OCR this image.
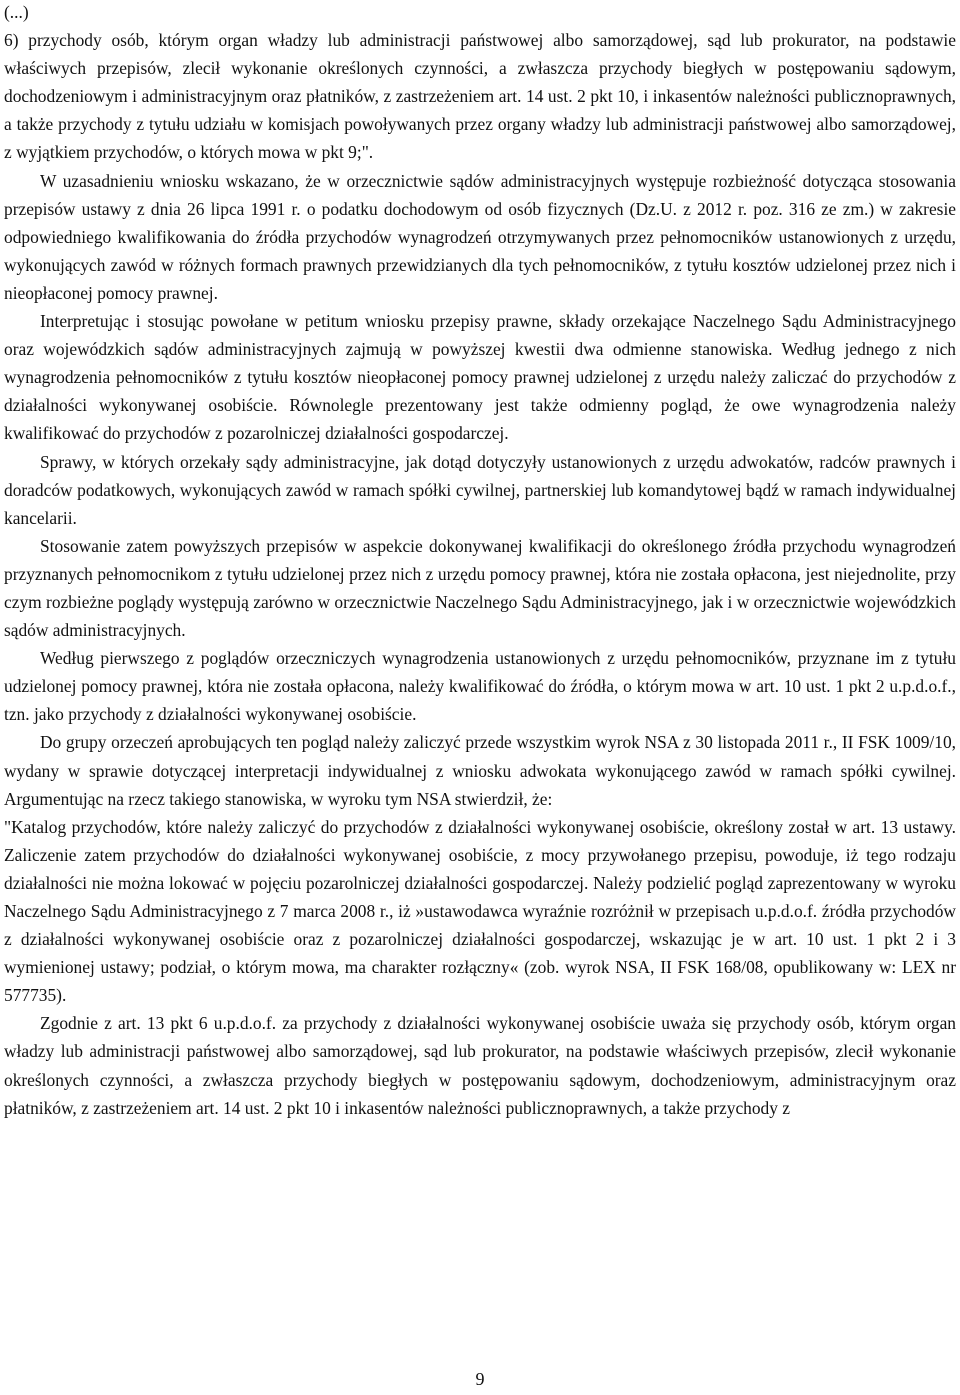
(...)

6) przychody osób, którym organ władzy lub administracji państwowej albo samorządowej, sąd lub prokurator, na podstawie właściwych przepisów, zlecił wykonanie określonych czynności, a zwłaszcza przychody biegłych w postępowaniu sądowym, dochodzeniowym i administracyjnym oraz płatników, z zastrzeżeniem art. 14 ust. 2 pkt 10, i inkasentów należności publicznoprawnych, a także przychody z tytułu udziału w komisjach powoływanych przez organy władzy lub administracji państwowej albo samorządowej, z wyjątkiem przychodów, o których mowa w pkt 9;".

W uzasadnieniu wniosku wskazano, że w orzecznictwie sądów administracyjnych występuje rozbieżność dotycząca stosowania przepisów ustawy z dnia 26 lipca 1991 r. o podatku dochodowym od osób fizycznych (Dz.U. z 2012 r. poz. 316 ze zm.) w zakresie odpowiedniego kwalifikowania do źródła przychodów wynagrodzeń otrzymywanych przez pełnomocników ustanowionych z urzędu, wykonujących zawód w różnych formach prawnych przewidzianych dla tych pełnomocników, z tytułu kosztów udzielonej przez nich i nieopłaconej pomocy prawnej.

Interpretując i stosując powołane w petitum wniosku przepisy prawne, składy orzekające Naczelnego Sądu Administracyjnego oraz wojewódzkich sądów administracyjnych zajmują w powyższej kwestii dwa odmienne stanowiska. Według jednego z nich wynagrodzenia pełnomocników z tytułu kosztów nieopłaconej pomocy prawnej udzielonej z urzędu należy zaliczać do przychodów z działalności wykonywanej osobiście. Równolegle prezentowany jest także odmienny pogląd, że owe wynagrodzenia należy kwalifikować do przychodów z pozarolniczej działalności gospodarczej.

Sprawy, w których orzekały sądy administracyjne, jak dotąd dotyczyły ustanowionych z urzędu adwokatów, radców prawnych i doradców podatkowych, wykonujących zawód w ramach spółki cywilnej, partnerskiej lub komandytowej bądź w ramach indywidualnej kancelarii.

Stosowanie zatem powyższych przepisów w aspekcie dokonywanej kwalifikacji do określonego źródła przychodu wynagrodzeń przyznanych pełnomocnikom z tytułu udzielonej przez nich z urzędu pomocy prawnej, która nie została opłacona, jest niejednolite, przy czym rozbieżne poglądy występują zarówno w orzecznictwie Naczelnego Sądu Administracyjnego, jak i w orzecznictwie wojewódzkich sądów administracyjnych.

Według pierwszego z poglądów orzeczniczych wynagrodzenia ustanowionych z urzędu pełnomocników, przyznane im z tytułu udzielonej pomocy prawnej, która nie została opłacona, należy kwalifikować do źródła, o którym mowa w art. 10 ust. 1 pkt 2 u.p.d.o.f., tzn. jako przychody z działalności wykonywanej osobiście.

Do grupy orzeczeń aprobujących ten pogląd należy zaliczyć przede wszystkim wyrok NSA z 30 listopada 2011 r., II FSK 1009/10, wydany w sprawie dotyczącej interpretacji indywidualnej z wniosku adwokata wykonującego zawód w ramach spółki cywilnej. Argumentując na rzecz takiego stanowiska, w wyroku tym NSA stwierdził, że:

"Katalog przychodów, które należy zaliczyć do przychodów z działalności wykonywanej osobiście, określony został w art. 13 ustawy. Zaliczenie zatem przychodów do działalności wykonywanej osobiście, z mocy przywołanego przepisu, powoduje, iż tego rodzaju działalności nie można lokować w pojęciu pozarolniczej działalności gospodarczej. Należy podzielić pogląd zaprezentowany w wyroku Naczelnego Sądu Administracyjnego z 7 marca 2008 r., iż »ustawodawca wyraźnie rozróżnił w przepisach u.p.d.o.f. źródła przychodów z działalności wykonywanej osobiście oraz z pozarolniczej działalności gospodarczej, wskazując je w art. 10 ust. 1 pkt 2 i 3 wymienionej ustawy; podział, o którym mowa, ma charakter rozłączny« (zob. wyrok NSA, II FSK 168/08, opublikowany w: LEX nr 577735).

Zgodnie z art. 13 pkt 6 u.p.d.o.f. za przychody z działalności wykonywanej osobiście uważa się przychody osób, którym organ władzy lub administracji państwowej albo samorządowej, sąd lub prokurator, na podstawie właściwych przepisów, zlecił wykonanie określonych czynności, a zwłaszcza przychody biegłych w postępowaniu sądowym, dochodzeniowym, administracyjnym oraz płatników, z zastrzeżeniem art. 14 ust. 2 pkt 10 i inkasentów należności publicznoprawnych, a także przychody z

9
